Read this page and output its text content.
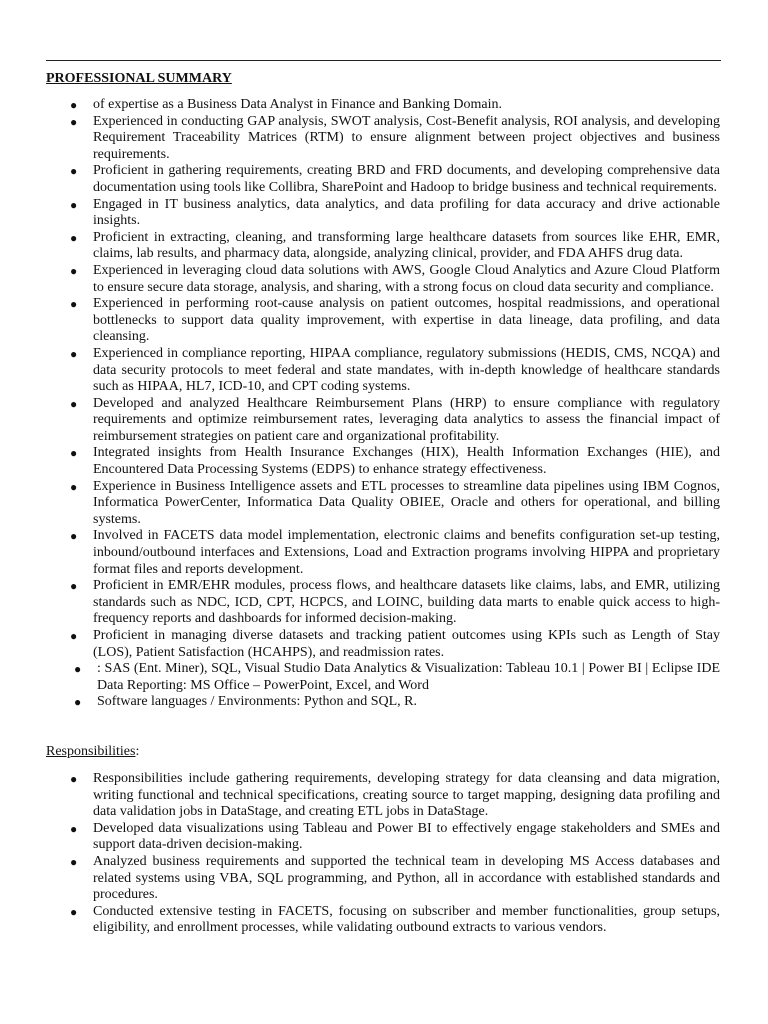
PROFESSIONAL SUMMARY
● of expertise as a Business Data Analyst in Finance and Banking Domain.
● Experienced in conducting GAP analysis, SWOT analysis, Cost-Benefit analysis, ROI analysis, and developing Requirement Traceability Matrices (RTM) to ensure alignment between project objectives and business requirements.
● Proficient in gathering requirements, creating BRD and FRD documents, and developing comprehensive data documentation using tools like Collibra, SharePoint and Hadoop to bridge business and technical requirements.
● Engaged in IT business analytics, data analytics, and data profiling for data accuracy and drive actionable insights.
● Proficient in extracting, cleaning, and transforming large healthcare datasets from sources like EHR, EMR, claims, lab results, and pharmacy data, alongside, analyzing clinical, provider, and FDA AHFS drug data.
● Experienced in leveraging cloud data solutions with AWS, Google Cloud Analytics and Azure Cloud Platform to ensure secure data storage, analysis, and sharing, with a strong focus on cloud data security and compliance.
● Experienced in performing root-cause analysis on patient outcomes, hospital readmissions, and operational bottlenecks to support data quality improvement, with expertise in data lineage, data profiling, and data cleansing.
● Experienced in compliance reporting, HIPAA compliance, regulatory submissions (HEDIS, CMS, NCQA) and data security protocols to meet federal and state mandates, with in-depth knowledge of healthcare standards such as HIPAA, HL7, ICD-10, and CPT coding systems.
● Developed and analyzed Healthcare Reimbursement Plans (HRP) to ensure compliance with regulatory requirements and optimize reimbursement rates, leveraging data analytics to assess the financial impact of reimbursement strategies on patient care and organizational profitability.
● Integrated insights from Health Insurance Exchanges (HIX), Health Information Exchanges (HIE), and Encountered Data Processing Systems (EDPS) to enhance strategy effectiveness.
● Experience in Business Intelligence assets and ETL processes to streamline data pipelines using IBM Cognos, Informatica PowerCenter, Informatica Data Quality OBIEE, Oracle and others for operational, and billing systems.
● Involved in FACETS data model implementation, electronic claims and benefits configuration set-up testing, inbound/outbound interfaces and Extensions, Load and Extraction programs involving HIPPA and proprietary format files and reports development.
● Proficient in EMR/EHR modules, process flows, and healthcare datasets like claims, labs, and EMR, utilizing standards such as NDC, ICD, CPT, HCPCS, and LOINC, building data marts to enable quick access to high-frequency reports and dashboards for informed decision-making.
● Proficient in managing diverse datasets and tracking patient outcomes using KPIs such as Length of Stay (LOS), Patient Satisfaction (HCAHPS), and readmission rates.
● : SAS (Ent. Miner), SQL, Visual Studio Data Analytics & Visualization: Tableau 10.1 | Power BI | Eclipse IDE Data Reporting: MS Office – PowerPoint, Excel, and Word
● Software languages / Environments: Python and SQL, R.
Responsibilities:
● Responsibilities include gathering requirements, developing strategy for data cleansing and data migration, writing functional and technical specifications, creating source to target mapping, designing data profiling and data validation jobs in DataStage, and creating ETL jobs in DataStage.
● Developed data visualizations using Tableau and Power BI to effectively engage stakeholders and SMEs and support data-driven decision-making.
● Analyzed business requirements and supported the technical team in developing MS Access databases and related systems using VBA, SQL programming, and Python, all in accordance with established standards and procedures.
● Conducted extensive testing in FACETS, focusing on subscriber and member functionalities, group setups, eligibility, and enrollment processes, while validating outbound extracts to various vendors.
